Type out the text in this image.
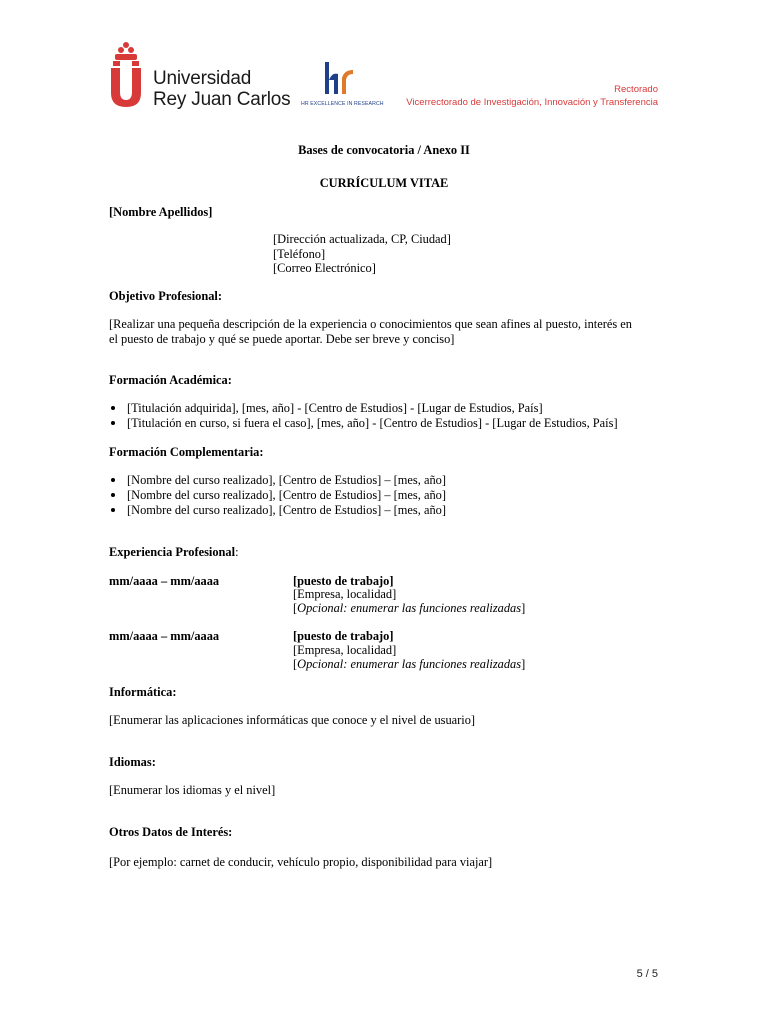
Universidad
Rey Juan Carlos HR EXCELLENCE IN RESEARCH
Rectorado
Vicerrectorado de Investigación, Innovación y Transferencia
Bases de convocatoria / Anexo II
CURRÍCULUM VITAE
[Nombre Apellidos]
[Dirección actualizada, CP, Ciudad]
[Teléfono]
[Correo Electrónico]
Objetivo Profesional:
[Realizar una pequeña descripción de la experiencia o conocimientos que sean afines al puesto, interés en
el puesto de trabajo y qué se puede aportar. Debe ser breve y conciso]
Formación Académica:
[Titulación adquirida], [mes, año] - [Centro de Estudios] - [Lugar de Estudios, País]
[Titulación en curso, si fuera el caso], [mes, año] - [Centro de Estudios] - [Lugar de Estudios, País]
Formación Complementaria:
[Nombre del curso realizado], [Centro de Estudios] – [mes, año]
[Nombre del curso realizado], [Centro de Estudios] – [mes, año]
[Nombre del curso realizado], [Centro de Estudios] – [mes, año]
Experiencia Profesional:
mm/aaaa – mm/aaaa	[puesto de trabajo]
[Empresa, localidad]
[Opcional: enumerar las funciones realizadas]
mm/aaaa – mm/aaaa	[puesto de trabajo]
[Empresa, localidad]
[Opcional: enumerar las funciones realizadas]
Informática:
[Enumerar las aplicaciones informáticas que conoce y el nivel de usuario]
Idiomas:
[Enumerar los idiomas y el nivel]
Otros Datos de Interés:
[Por ejemplo: carnet de conducir, vehículo propio, disponibilidad para viajar]
5 / 5
